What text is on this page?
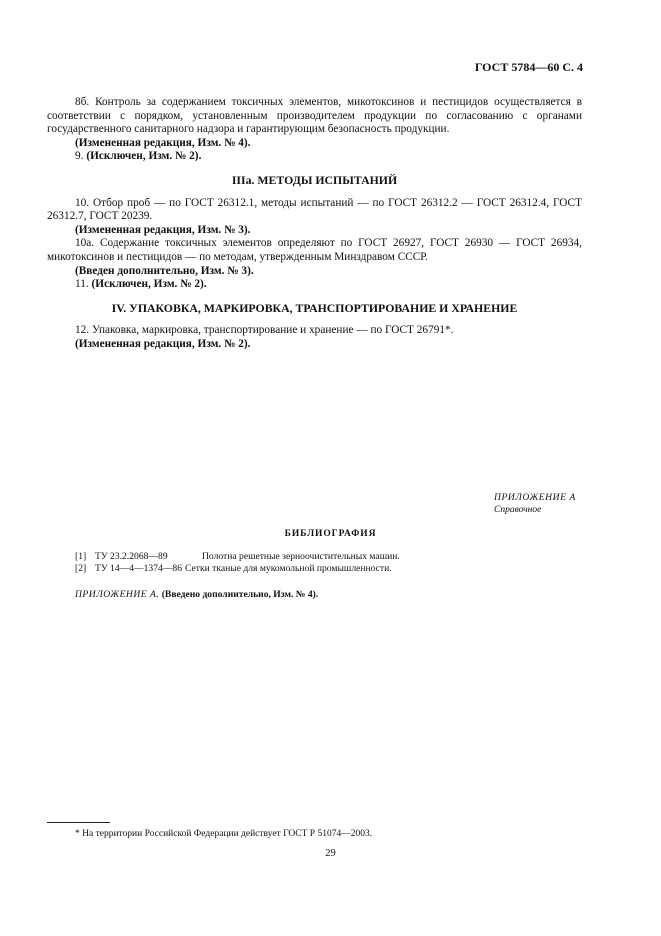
ГОСТ 5784—60 С. 4

8б. Контроль за содержанием токсичных элементов, микотоксинов и пестицидов осуществляется в соответствии с порядком, установленным производителем продукции по согласованию с органами государственного санитарного надзора и гарантирующим безопасность продукции.

(Измененная редакция, Изм. № 4).

9. (Исключен, Изм. № 2).

IIIа. МЕТОДЫ ИСПЫТАНИЙ

10. Отбор проб — по ГОСТ 26312.1, методы испытаний — по ГОСТ 26312.2 — ГОСТ 26312.4, ГОСТ 26312.7, ГОСТ 20239.

(Измененная редакция, Изм. № 3).

10а. Содержание токсичных элементов определяют по ГОСТ 26927, ГОСТ 26930 — ГОСТ 26934, микотоксинов и пестицидов — по методам, утвержденным Минздравом СССР.

(Введен дополнительно, Изм. № 3).

11. (Исключен, Изм. № 2).

IV. УПАКОВКА, МАРКИРОВКА, ТРАНСПОРТИРОВАНИЕ И ХРАНЕНИЕ

12. Упаковка, маркировка, транспортирование и хранение — по ГОСТ 26791*.

(Измененная редакция, Изм. № 2).

ПРИЛОЖЕНИЕ А
Справочное
БИБЛИОГРАФИЯ
[1] ТУ 23.2.2068—89	Полотна решетные зерноочистительных машин.
[2] ТУ 14—4—1374—86 Сетки тканые для мукомольной промышленности.
ПРИЛОЖЕНИЕ А. (Введено дополнительно, Изм. № 4).
* На территории Российской Федерации действует ГОСТ Р 51074—2003.
29
